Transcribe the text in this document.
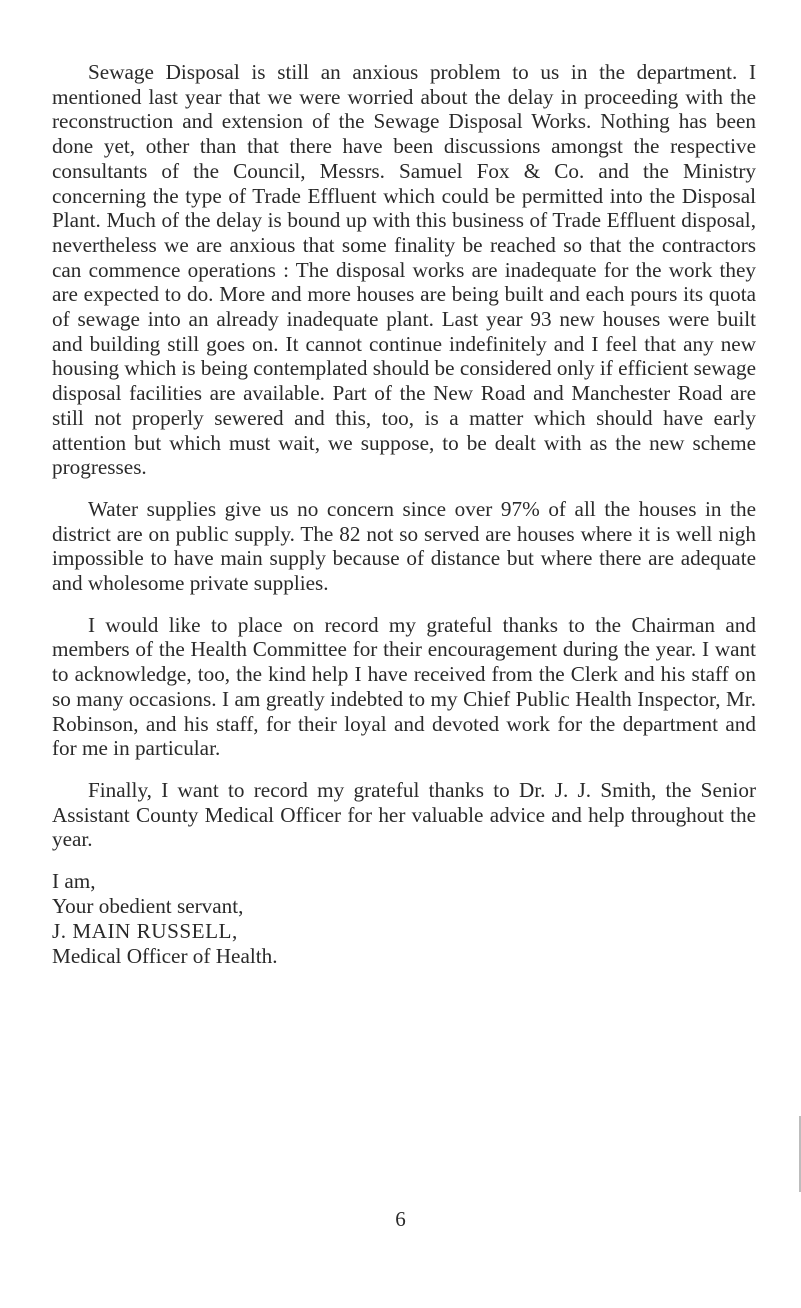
Sewage Disposal is still an anxious problem to us in the department. I mentioned last year that we were worried about the delay in proceeding with the reconstruction and extension of the Sewage Disposal Works. Nothing has been done yet, other than that there have been discussions amongst the respective consultants of the Council, Messrs. Samuel Fox & Co. and the Ministry concerning the type of Trade Effluent which could be permitted into the Disposal Plant. Much of the delay is bound up with this business of Trade Effluent disposal, nevertheless we are anxious that some finality be reached so that the contractors can commence operations : The disposal works are inadequate for the work they are expected to do. More and more houses are being built and each pours its quota of sewage into an already inadequate plant. Last year 93 new houses were built and building still goes on. It cannot continue indefinitely and I feel that any new housing which is being contemplated should be considered only if efficient sewage disposal facilities are available. Part of the New Road and Manchester Road are still not properly sewered and this, too, is a matter which should have early attention but which must wait, we suppose, to be dealt with as the new scheme progresses.

Water supplies give us no concern since over 97% of all the houses in the district are on public supply. The 82 not so served are houses where it is well nigh impossible to have main supply because of distance but where there are adequate and wholesome private supplies.

I would like to place on record my grateful thanks to the Chairman and members of the Health Committee for their encouragement during the year. I want to acknowledge, too, the kind help I have received from the Clerk and his staff on so many occasions. I am greatly indebted to my Chief Public Health Inspector, Mr. Robinson, and his staff, for their loyal and devoted work for the department and for me in particular.

Finally, I want to record my grateful thanks to Dr. J. J. Smith, the Senior Assistant County Medical Officer for her valuable advice and help throughout the year.

I am,
Your obedient servant,
J. MAIN RUSSELL,
Medical Officer of Health.
6
